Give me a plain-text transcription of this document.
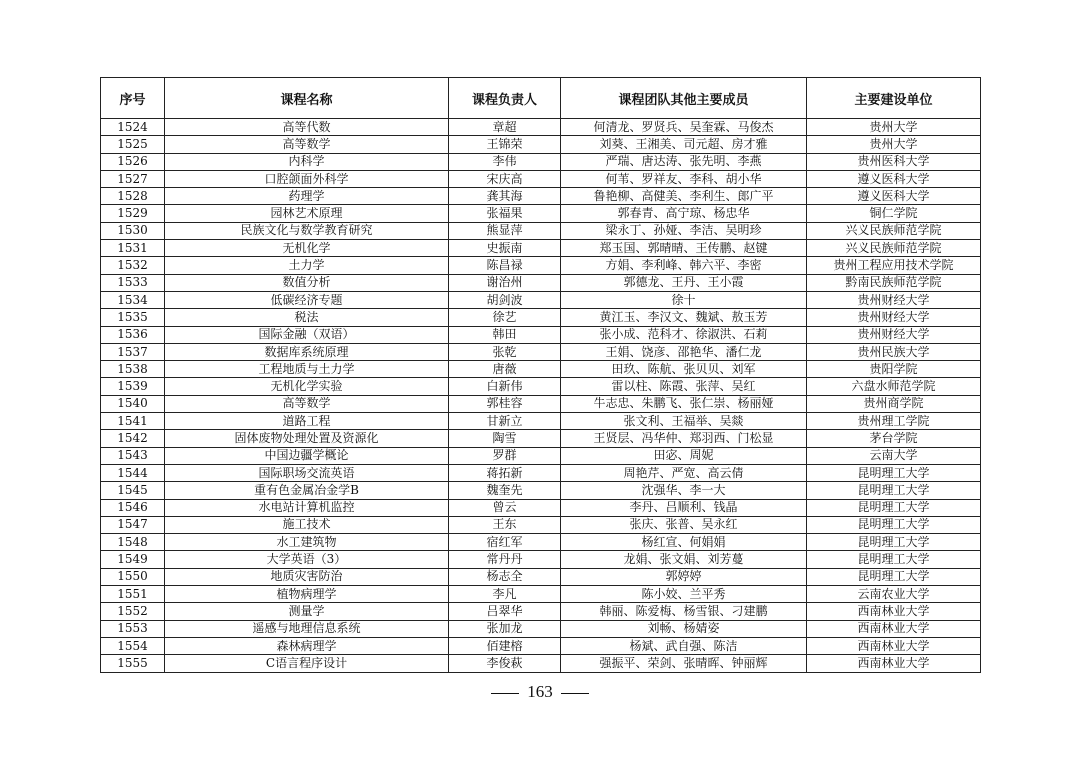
序号	课程名称	课程负责人	课程团队其他主要成员	主要建设单位
1524	高等代数	章超	何清龙、罗贤兵、吴奎霖、马俊杰	贵州大学
1525	高等数学	王锦荣	刘葵、王湘美、司元超、房才雅	贵州大学
1526	内科学	李伟	严瑞、唐达涛、张先明、李燕	贵州医科大学
1527	口腔颌面外科学	宋庆高	何苇、罗祥友、李科、胡小华	遵义医科大学
1528	药理学	龚其海	鲁艳柳、高健美、李利生、郎广平	遵义医科大学
1529	园林艺术原理	张福果	郭春青、高宁琼、杨忠华	铜仁学院
1530	民族文化与数学教育研究	熊显萍	梁永丁、孙娅、李洁、吴明珍	兴义民族师范学院
1531	无机化学	史振南	郑玉国、郭晴晴、王传鹏、赵键	兴义民族师范学院
1532	土力学	陈昌禄	方娟、李利峰、韩六平、李密	贵州工程应用技术学院
1533	数值分析	谢治州	郭德龙、王丹、王小霞	黔南民族师范学院
1534	低碳经济专题	胡剑波	徐十	贵州财经大学
1535	税法	徐艺	黄江玉、李汉文、魏斌、敖玉芳	贵州财经大学
1536	国际金融（双语）	韩田	张小成、范科才、徐淑洪、石莉	贵州财经大学
1537	数据库系统原理	张乾	王娟、饶彦、邵艳华、潘仁龙	贵州民族大学
1538	工程地质与土力学	唐薇	田玖、陈航、张贝贝、刘军	贵阳学院
1539	无机化学实验	白新伟	雷以柱、陈霞、张萍、吴红	六盘水师范学院
1540	高等数学	郭桂容	牛志忠、朱鹏飞、张仁崇、杨丽娅	贵州商学院
1541	道路工程	甘新立	张文利、王福举、吴燚	贵州理工学院
1542	固体废物处理处置及资源化	陶雪	王贤层、冯华仲、郑羽西、门松显	茅台学院
1543	中国边疆学概论	罗群	田宓、周妮	云南大学
1544	国际职场交流英语	蒋拓新	周艳芹、严宽、高云倩	昆明理工大学
1545	重有色金属冶金学B	魏奎先	沈强华、李一大	昆明理工大学
1546	水电站计算机监控	曾云	李丹、吕顺利、钱晶	昆明理工大学
1547	施工技术	王东	张庆、张普、吴永红	昆明理工大学
1548	水工建筑物	宿红军	杨红宣、何娟娟	昆明理工大学
1549	大学英语（3）	常丹丹	龙娟、张文娟、刘芳蔓	昆明理工大学
1550	地质灾害防治	杨志全	郭婷婷	昆明理工大学
1551	植物病理学	李凡	陈小姣、兰平秀	云南农业大学
1552	测量学	吕翠华	韩丽、陈爱梅、杨雪银、刁建鹏	西南林业大学
1553	遥感与地理信息系统	张加龙	刘畅、杨婧姿	西南林业大学
1554	森林病理学	佰建榕	杨斌、武自强、陈洁	西南林业大学
1555	C语言程序设计	李俊萩	强振平、荣剑、张晴晖、钟丽辉	西南林业大学
163
